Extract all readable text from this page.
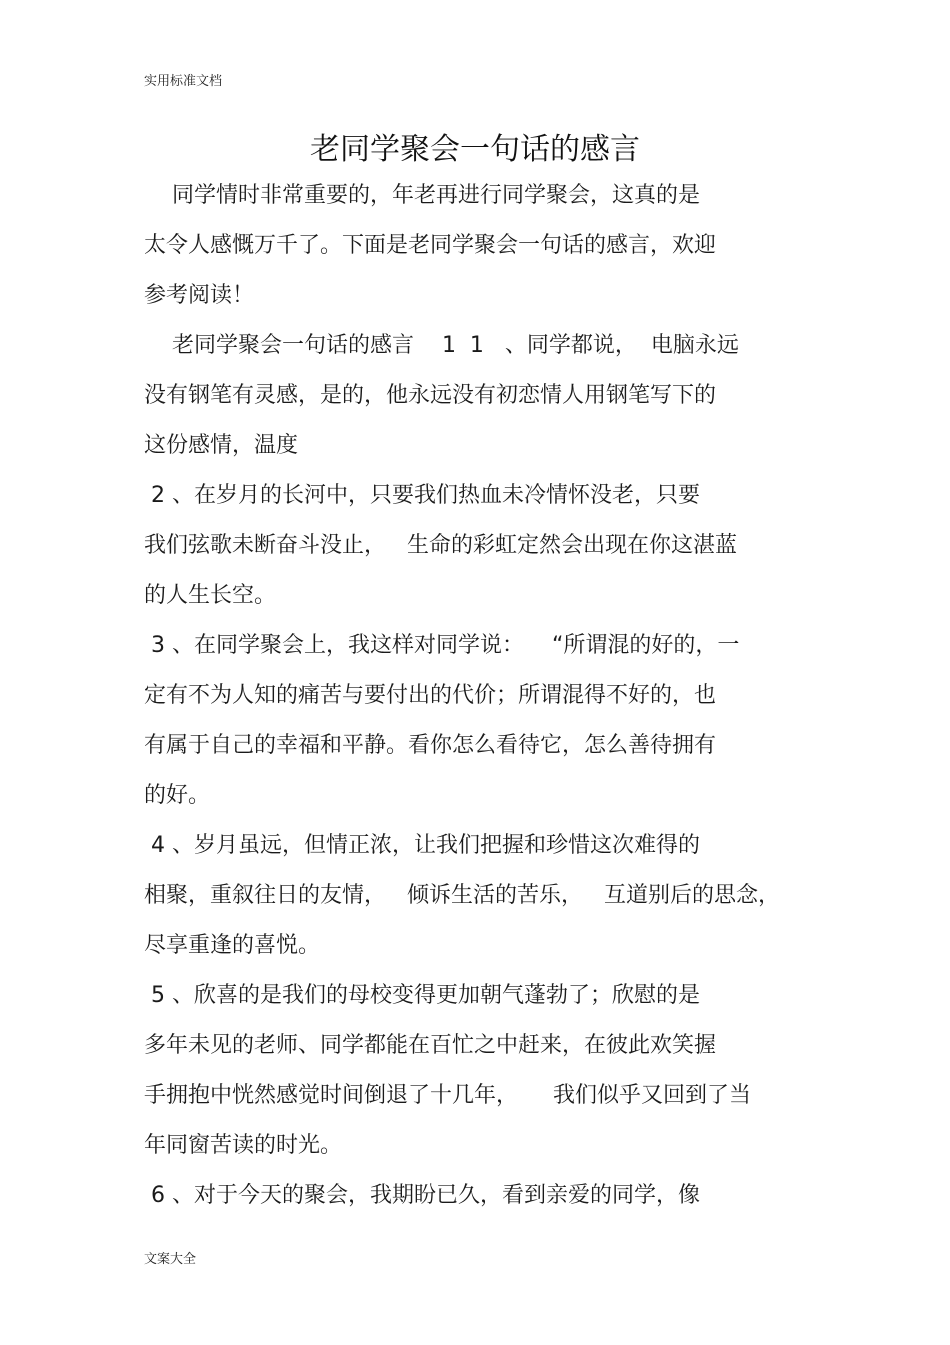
实用标准文档
老同学聚会一句话的感言
同学情时非常重要的，年老再进行同学聚会，这真的是
太令人感慨万千了。下面是老同学聚会一句话的感言，欢迎
参考阅读！
老同学聚会一句话的感言    1  1   、同学都说，  电脑永远
没有钢笔有灵感，是的，他永远没有初恋情人用钢笔写下的
这份感情，温度
2 、在岁月的长河中，只要我们热血未冷情怀没老，只要
我们弦歌未断奋斗没止，   生命的彩虹定然会出现在你这湛蓝
的人生长空。
3 、在同学聚会上，我这样对同学说：    “所谓混的好的，一
定有不为人知的痛苦与要付出的代价；所谓混得不好的，也
有属于自己的幸福和平静。看你怎么看待它，怎么善待拥有
的好。
4 、岁月虽远，但情正浓，让我们把握和珍惜这次难得的
相聚，重叙往日的友情，   倾诉生活的苦乐，   互道别后的思念，
尽享重逢的喜悦。
5 、欣喜的是我们的母校变得更加朝气蓬勃了；欣慰的是
多年未见的老师、同学都能在百忙之中赶来，在彼此欢笑握
手拥抱中恍然感觉时间倒退了十几年，     我们似乎又回到了当
年同窗苦读的时光。
6 、对于今天的聚会，我期盼已久，看到亲爱的同学，像
文案大全
